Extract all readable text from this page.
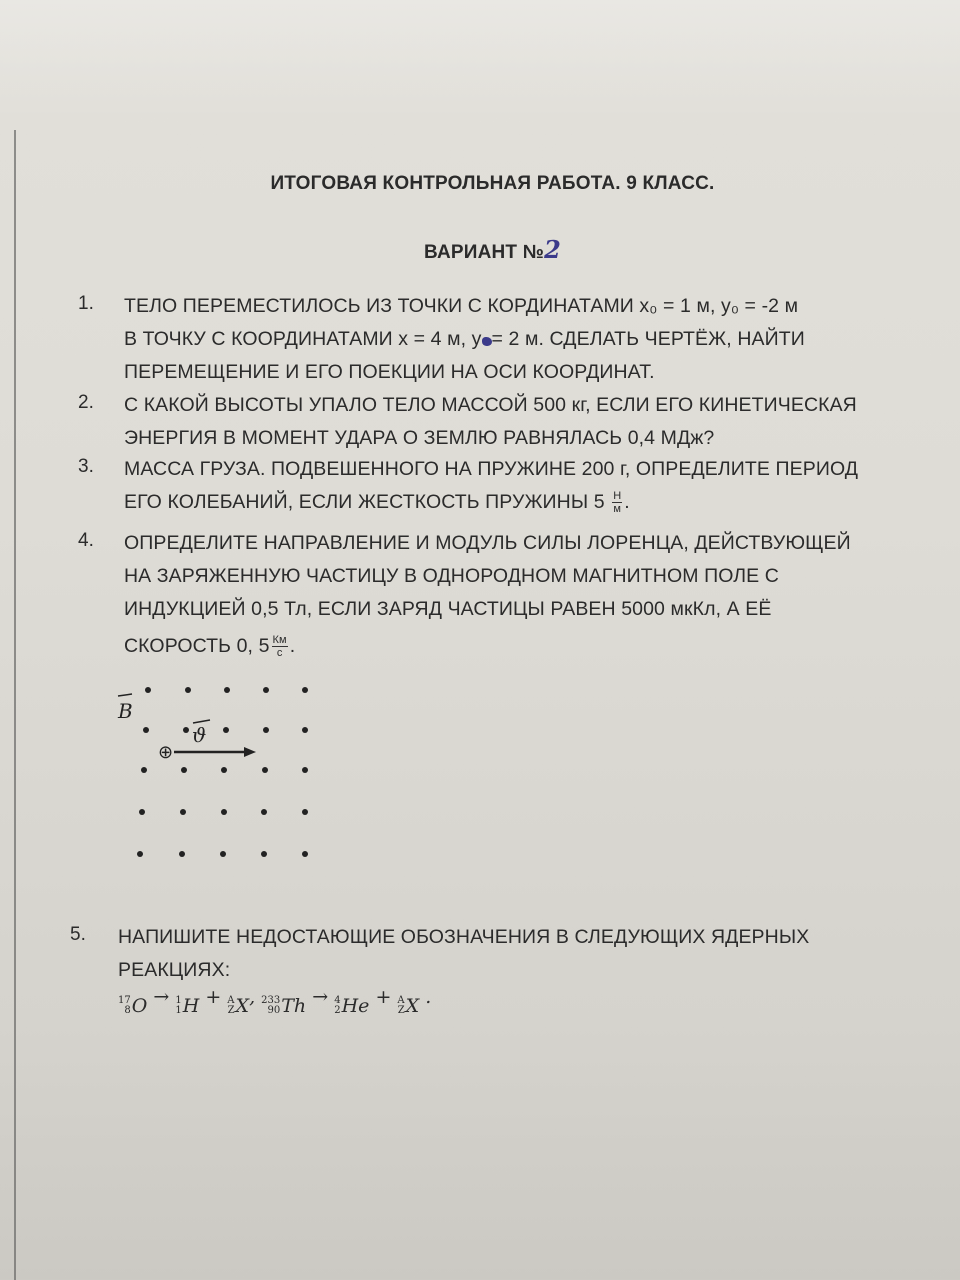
ИТОГОВАЯ КОНТРОЛЬНАЯ РАБОТА. 9 КЛАСС.
ВАРИАНТ №2
1. ТЕЛО ПЕРЕМЕСТИЛОСЬ ИЗ ТОЧКИ С КОРДИНАТАМИ x₀ = 1 м, y₀ = -2 м
В ТОЧКУ С КООРДИНАТАМИ x = 4 м, y = 2 м. СДЕЛАТЬ ЧЕРТЁЖ, НАЙТИ
ПЕРЕМЕЩЕНИЕ И ЕГО ПОЕКЦИИ НА ОСИ КООРДИНАТ.
2. С КАКОЙ ВЫСОТЫ УПАЛО ТЕЛО МАССОЙ 500 кг, ЕСЛИ ЕГО КИНЕТИЧЕСКАЯ
ЭНЕРГИЯ В МОМЕНТ УДАРА О ЗЕМЛЮ РАВНЯЛАСЬ 0,4 МДж?
3. МАССА ГРУЗА. ПОДВЕШЕННОГО НА ПРУЖИНЕ 200 г, ОПРЕДЕЛИТЕ ПЕРИОД
ЕГО КОЛЕБАНИЙ, ЕСЛИ ЖЕСТКОСТЬ ПРУЖИНЫ $5 \frac{Н}{м}$ .
4. ОПРЕДЕЛИТЕ НАПРАВЛЕНИЕ И МОДУЛЬ СИЛЫ ЛОРЕНЦА, ДЕЙСТВУЮЩЕЙ
НА ЗАРЯЖЕННУЮ ЧАСТИЦУ В ОДНОРОДНОМ МАГНИТНОМ ПОЛЕ С
ИНДУКЦИЕЙ 0,5 Тл, ЕСЛИ ЗАРЯД ЧАСТИЦЫ РАВЕН 5000 мкКл, А ЕЁ
СКОРОСТЬ 0, $5 \frac{Км}{с}$ .
B
ϑ
⊕
5. НАПИШИТЕ НЕДОСТАЮЩИЕ ОБОЗНАЧЕНИЯ В СЛЕДУЮЩИХ ЯДЕРНЫХ
РЕАКЦИЯХ:
17
8 O → 1
1 H + A
Z X , 233
90 Th → 4
2 He + A
Z X .
